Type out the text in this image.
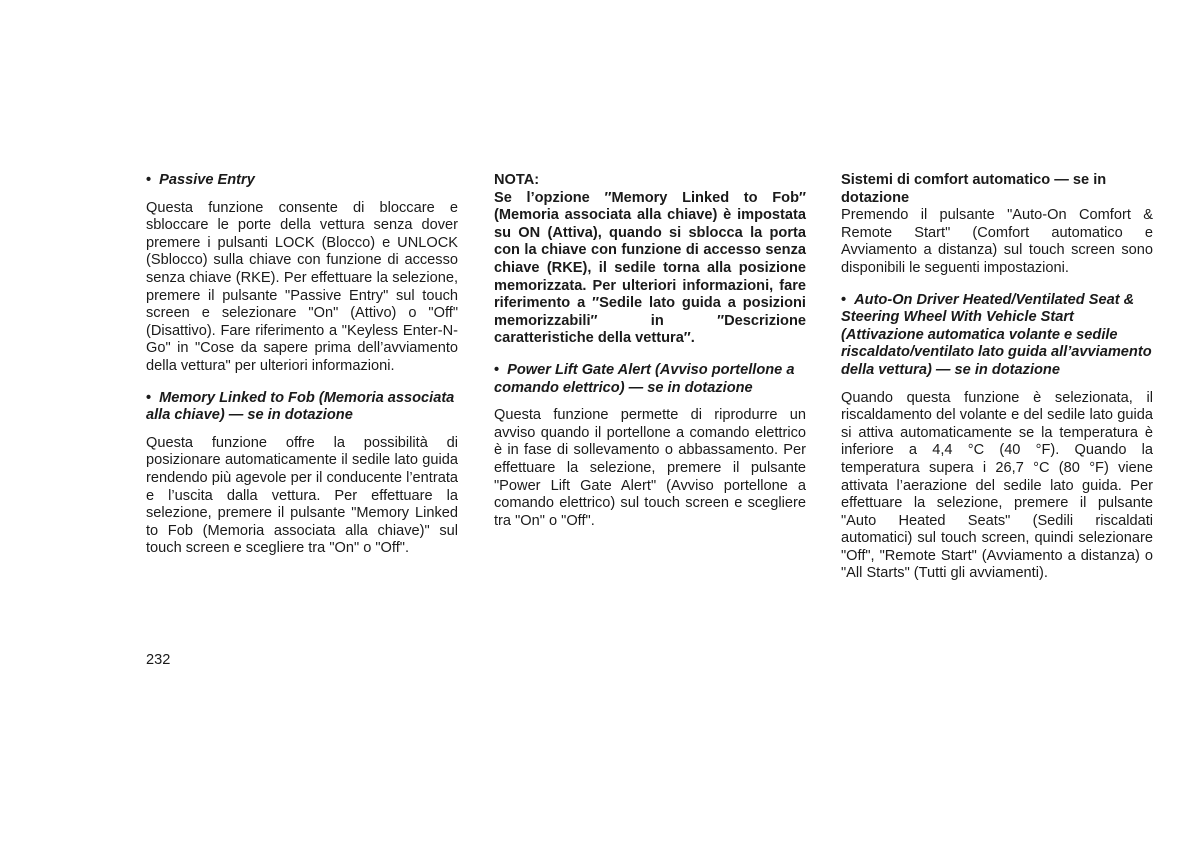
• Passive Entry

Questa funzione consente di bloccare e sbloccare le porte della vettura senza dover premere i pulsanti LOCK (Blocco) e UNLOCK (Sblocco) sulla chiave con funzione di accesso senza chiave (RKE). Per effettuare la selezione, premere il pulsante "Passive Entry" sul touch screen e selezionare "On" (Attivo) o "Off" (Disattivo). Fare riferimento a "Keyless Enter-N-Go" in "Cose da sapere prima dell’avviamento della vettura" per ulteriori informazioni.

• Memory Linked to Fob (Memoria associata alla chiave) — se in dotazione

Questa funzione offre la possibilità di posizionare automaticamente il sedile lato guida rendendo più agevole per il conducente l’entrata e l’uscita dalla vettura. Per effettuare la selezione, premere il pulsante "Memory Linked to Fob (Memoria associata alla chiave)" sul touch screen e scegliere tra "On" o "Off".

NOTA:

Se l’opzione ″Memory Linked to Fob″ (Memoria associata alla chiave) è impostata su ON (Attiva), quando si sblocca la porta con la chiave con funzione di accesso senza chiave (RKE), il sedile torna alla posizione memorizzata. Per ulteriori informazioni, fare riferimento a ″Sedile lato guida a posizioni memorizzabili″ in ″Descrizione caratteristiche della vettura″.

• Power Lift Gate Alert (Avviso portellone a comando elettrico) — se in dotazione

Questa funzione permette di riprodurre un avviso quando il portellone a comando elettrico è in fase di sollevamento o abbassamento. Per effettuare la selezione, premere il pulsante "Power Lift Gate Alert" (Avviso portellone a comando elettrico) sul touch screen e scegliere tra "On" o "Off".

Sistemi di comfort automatico — se in dotazione

Premendo il pulsante "Auto-On Comfort & Remote Start" (Comfort automatico e Avviamento a distanza) sul touch screen sono disponibili le seguenti impostazioni.

• Auto-On Driver Heated/Ventilated Seat & Steering Wheel With Vehicle Start (Attivazione automatica volante e sedile riscaldato/ventilato lato guida all’avviamento della vettura) — se in dotazione

Quando questa funzione è selezionata, il riscaldamento del volante e del sedile lato guida si attiva automaticamente se la temperatura è inferiore a 4,4 °C (40 °F). Quando la temperatura supera i 26,7 °C (80 °F) viene attivata l’aerazione del sedile lato guida. Per effettuare la selezione, premere il pulsante "Auto Heated Seats" (Sedili riscaldati automatici) sul touch screen, quindi selezionare "Off", "Remote Start" (Avviamento a distanza) o "All Starts" (Tutti gli avviamenti).

232
